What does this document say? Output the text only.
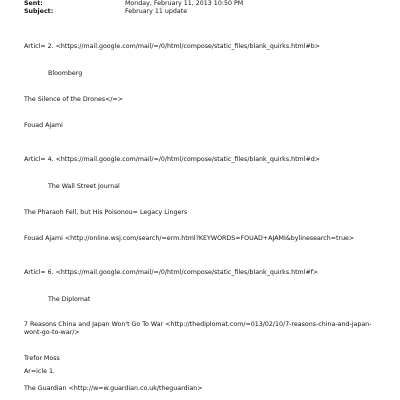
Sent:	Monday, February 11, 2013 10:50 PM
Subject:	February 11 update
Articl= 2. <https://mail.google.com/mail/=/0/html/compose/static_files/blank_quirks.html#b>
Bloomberg
The Silence of the Drones</=>
Fouad Ajami
Articl= 4. <https://mail.google.com/mail/=/0/html/compose/static_files/blank_quirks.html#d>
The Wall Street Journal
The Pharaoh Fell, but His Poisonou= Legacy Lingers
Fouad Ajami <http://online.wsj.com/search/=erm.html?KEYWORDS=FOUAD+AJAMI&bylinesearch=true>
Articl= 6. <https://mail.google.com/mail/=/0/html/compose/static_files/blank_quirks.html#f>
The Diplomat
7 Reasons China and Japan Won't Go To War <http://thediplomat.com/=013/02/10/7-reasons-china-and-japan-wont-go-to-war/>
Trefor Moss
Ar=icle 1.
The Guardian <http://w=w.guardian.co.uk/theguardian>
